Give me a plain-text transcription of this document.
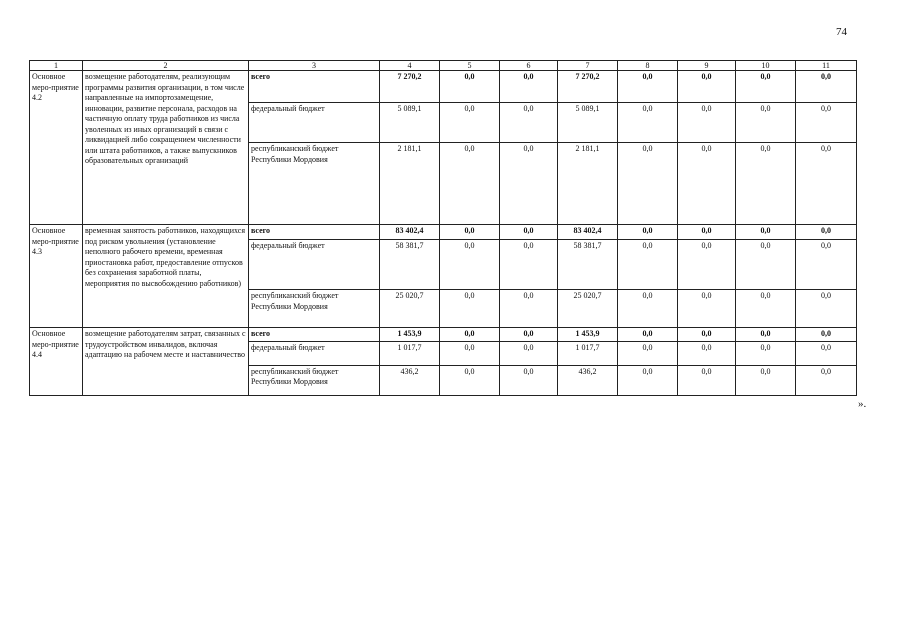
74
1	2	3	4	5	6	7	8	9	10	11
Основное меро-приятие 4.2	возмещение работодателям, реализующим программы развития организации, в том числе направленные на импортозамещение, инновации, развитие персонала, расходов на частичную оплату труда работников из числа уволенных из иных организаций в связи с ликвидацией либо сокращением численности или штата работников, а также выпускников образовательных организаций	всего	7 270,2	0,0	0,0	7 270,2	0,0	0,0	0,0	0,0
		федеральный бюджет	5 089,1	0,0	0,0	5 089,1	0,0	0,0	0,0	0,0
		республиканский бюджет Республики Мордовия	2 181,1	0,0	0,0	2 181,1	0,0	0,0	0,0	0,0
Основное меро-приятие 4.3	временная занятость работников, находящихся под риском увольнения (установление неполного рабочего времени, временная приостановка работ, предоставление отпусков без сохранения заработной платы, мероприятия по высвобождению работников)	всего	83 402,4	0,0	0,0	83 402,4	0,0	0,0	0,0	0,0
		федеральный бюджет	58 381,7	0,0	0,0	58 381,7	0,0	0,0	0,0	0,0
		республиканский бюджет Республики Мордовия	25 020,7	0,0	0,0	25 020,7	0,0	0,0	0,0	0,0
Основное меро-приятие 4.4	возмещение работодателям затрат, связанных с трудоустройством инвалидов, включая адаптацию на рабочем месте и наставничество	всего	1 453,9	0,0	0,0	1 453,9	0,0	0,0	0,0	0,0
		федеральный бюджет	1 017,7	0,0	0,0	1 017,7	0,0	0,0	0,0	0,0
		республиканский бюджет Республики Мордовия	436,2	0,0	0,0	436,2	0,0	0,0	0,0	0,0
».
